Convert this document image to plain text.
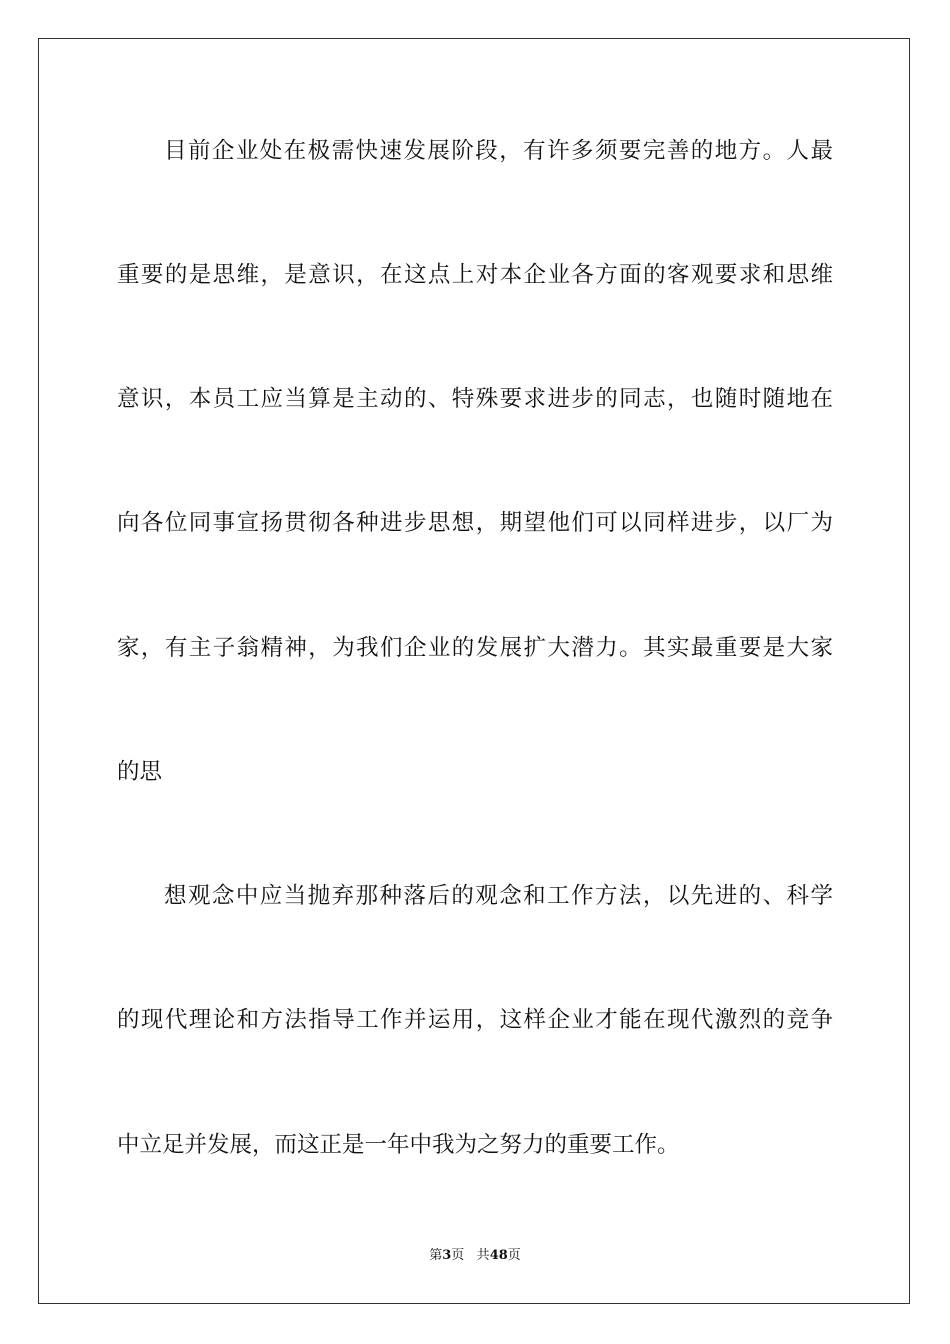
目前企业处在极需快速发展阶段，有许多须要完善的地方。人最
重要的是思维，是意识，在这点上对本企业各方面的客观要求和思维
意识，本员工应当算是主动的、特殊要求进步的同志，也随时随地在
向各位同事宣扬贯彻各种进步思想，期望他们可以同样进步，以厂为
家，有主子翁精神，为我们企业的发展扩大潜力。其实最重要是大家
的思
想观念中应当抛弃那种落后的观念和工作方法，以先进的、科学
的现代理论和方法指导工作并运用，这样企业才能在现代激烈的竞争
中立足并发展，而这正是一年中我为之努力的重要工作。
第3页 共48页
